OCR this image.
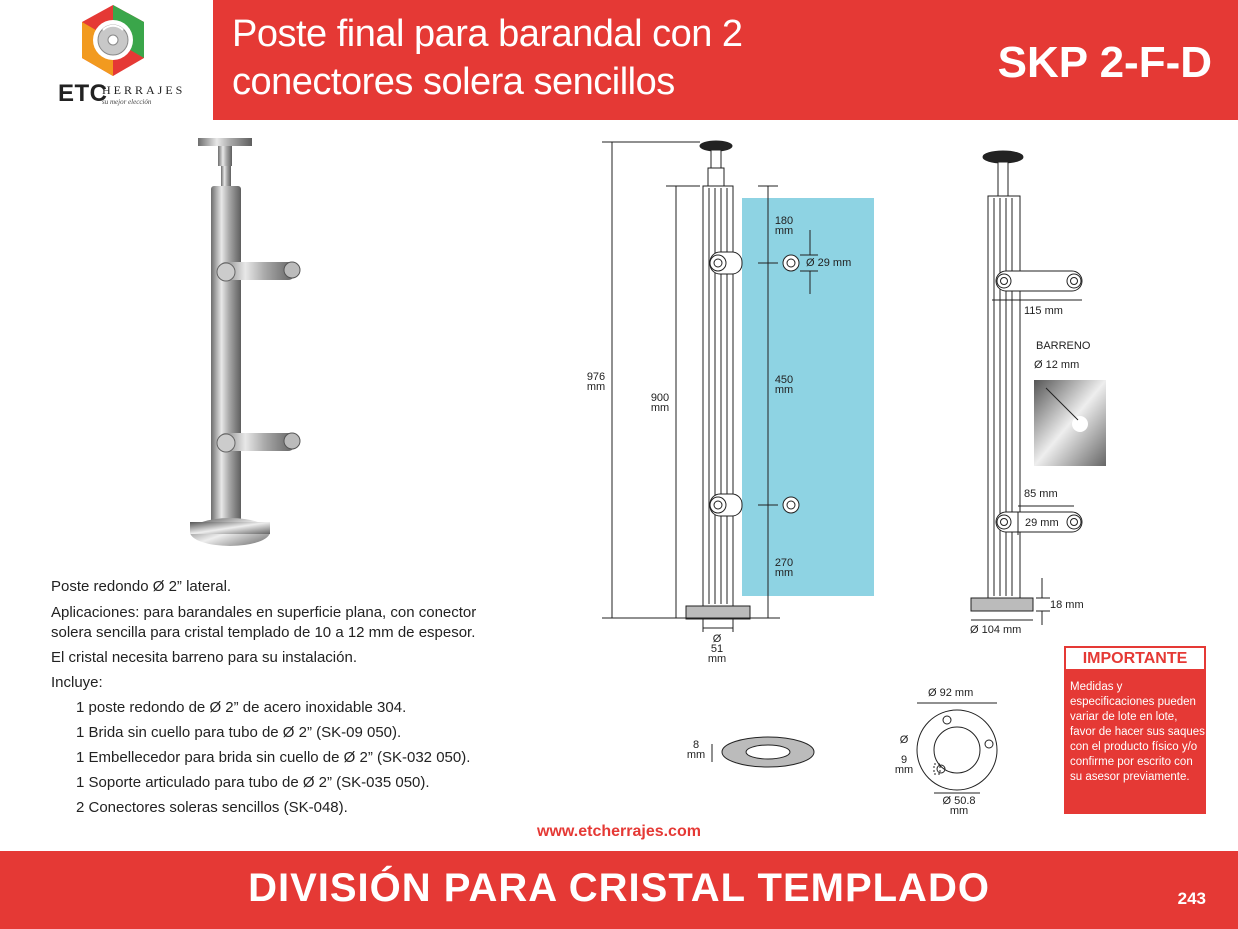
ETC
HERRAJES
su mejor elección
Poste final para barandal con 2
conectores solera sencillos	SKP 2-F-D
976
mm
900
mm
180
mm
Ø 29 mm
450
mm
270
mm
Ø
51
mm
115 mm
BARRENO
Ø 12 mm
85 mm
29 mm
18 mm
Ø 104 mm
8
mm
Ø 92 mm
Ø
9
mm
Ø 50.8
mm

Poste redondo Ø 2” lateral.

Aplicaciones: para barandales en superficie plana, con conector

solera sencilla para cristal templado de 10 a 12 mm de espesor.

El cristal necesita barreno para su instalación.

Incluye:

1 poste redondo de Ø 2” de acero inoxidable 304.

1 Brida sin cuello para tubo de Ø 2” (SK-09 050).

1 Embellecedor para brida sin cuello de Ø 2” (SK-032 050).

1 Soporte articulado para tubo de Ø 2” (SK-035 050).

2 Conectores soleras sencillos (SK-048).

IMPORTANTE
Medidas y especificaciones pueden variar de lote en lote, favor de hacer sus saques con el producto físico y/o confirme por escrito con su asesor previamente.
www.etcherrajes.com
DIVISIÓN PARA CRISTAL TEMPLADO	243
